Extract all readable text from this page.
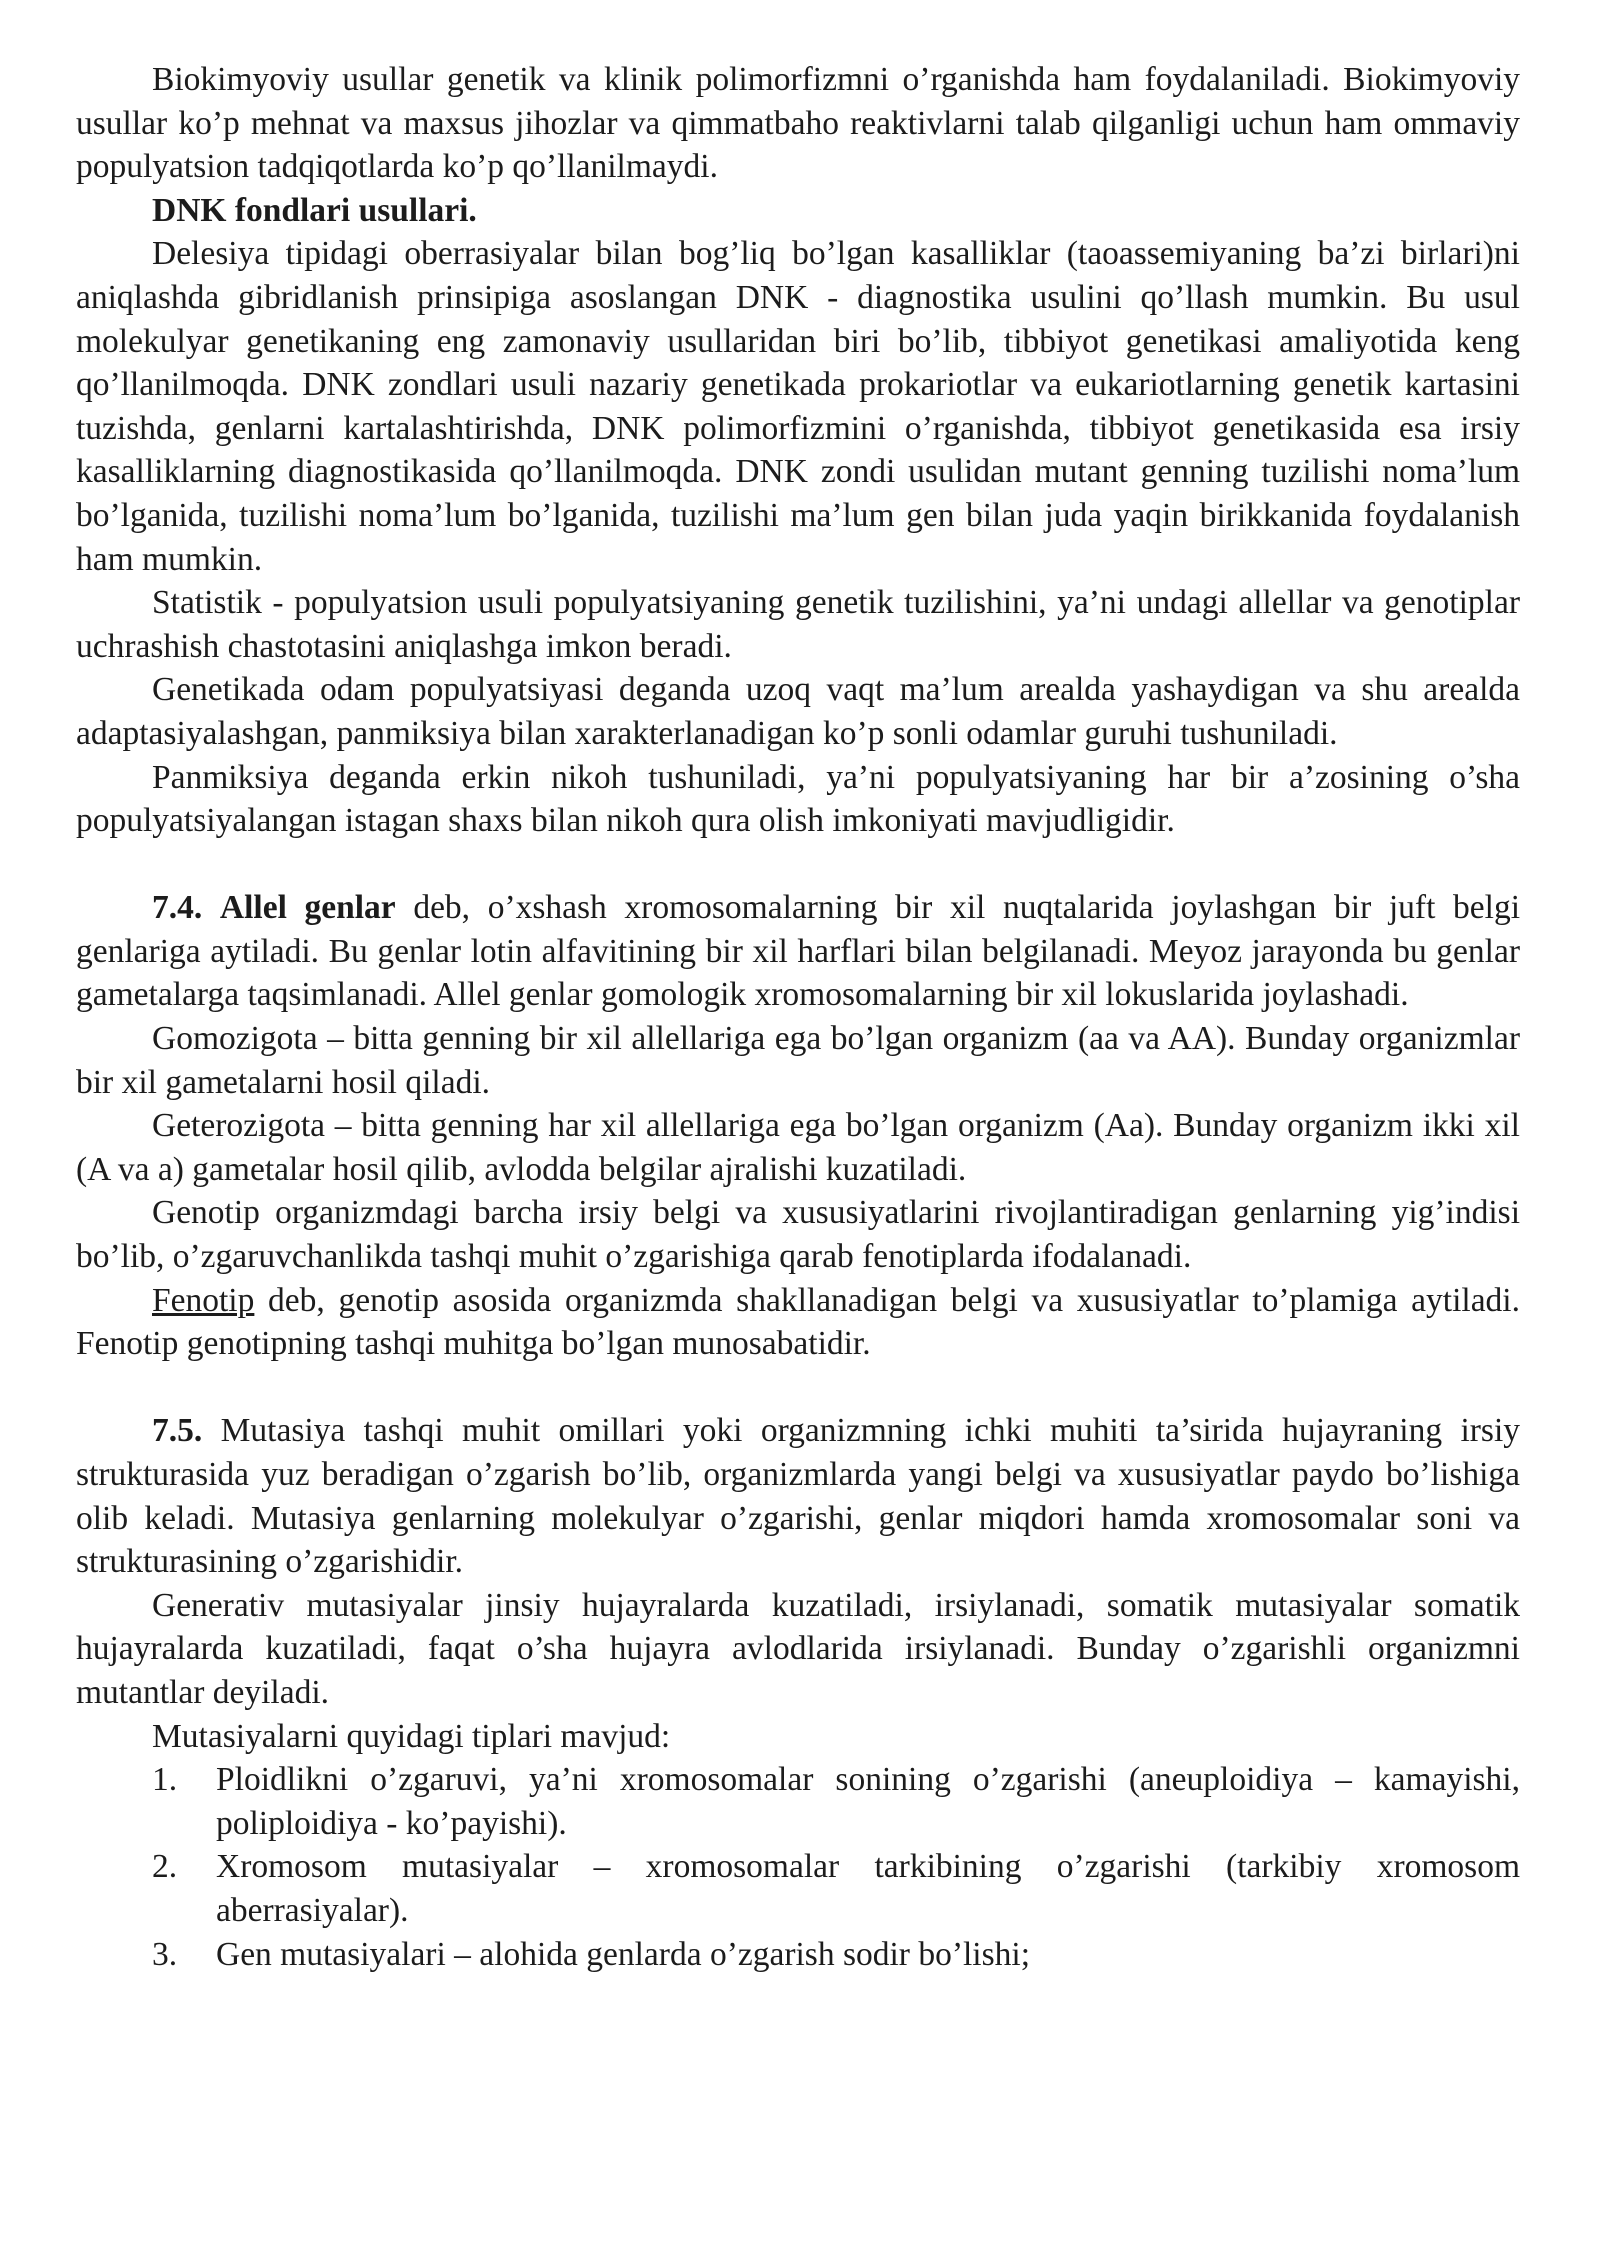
Biokimyoviy usullar genetik va klinik polimorfizmni o’rganishda ham foydalaniladi. Biokimyoviy usullar ko’p mehnat va maxsus jihozlar va qimmatbaho reaktivlarni talab qilganligi uchun ham ommaviy populyatsion tadqiqotlarda ko’p qo’llanilmaydi.

DNK fondlari usullari.

Delesiya tipidagi oberrasiyalar bilan bog’liq bo’lgan kasalliklar (taoassemiyaning ba’zi birlari)ni aniqlashda gibridlanish prinsipiga asoslangan DNK - diagnostika usulini qo’llash mumkin. Bu usul molekulyar genetikaning eng zamonaviy usullaridan biri bo’lib, tibbiyot genetikasi amaliyotida keng qo’llanilmoqda. DNK zondlari usuli nazariy genetikada prokariotlar va eukariotlarning genetik kartasini tuzishda, genlarni kartalashtirishda, DNK polimorfizmini o’rganishda, tibbiyot genetikasida esa irsiy kasalliklarning diagnostikasida qo’llanilmoqda. DNK zondi usulidan mutant genning tuzilishi noma’lum bo’lganida, tuzilishi noma’lum bo’lganida, tuzilishi ma’lum gen bilan juda yaqin birikkanida foydalanish ham mumkin.

Statistik - populyatsion usuli populyatsiyaning genetik tuzilishini, ya’ni undagi allellar va genotiplar uchrashish chastotasini aniqlashga imkon beradi.

Genetikada odam populyatsiyasi deganda uzoq vaqt ma’lum arealda yashaydigan va shu arealda adaptasiyalashgan, panmiksiya bilan xarakterlanadigan ko’p sonli odamlar guruhi tushuniladi.

Panmiksiya deganda erkin nikoh tushuniladi, ya’ni populyatsiyaning har bir a’zosining o’sha populyatsiyalangan istagan shaxs bilan nikoh qura olish imkoniyati mavjudligidir.

7.4. Allel genlar deb, o’xshash xromosomalarning bir xil nuqtalarida joylashgan bir juft belgi genlariga aytiladi. Bu genlar lotin alfavitining bir xil harflari bilan belgilanadi. Meyoz jarayonda bu genlar gametalarga taqsimlanadi. Allel genlar gomologik xromosomalarning bir xil lokuslarida joylashadi.

Gomozigota – bitta genning bir xil allellariga ega bo’lgan organizm (aa va AA). Bunday organizmlar bir xil gametalarni hosil qiladi.

Geterozigota – bitta genning har xil allellariga ega bo’lgan organizm (Aa). Bunday organizm ikki xil (A va a) gametalar hosil qilib, avlodda belgilar ajralishi kuzatiladi.

Genotip organizmdagi barcha irsiy belgi va xususiyatlarini rivojlantiradigan genlarning yig’indisi bo’lib, o’zgaruvchanlikda tashqi muhit o’zgarishiga qarab fenotiplarda ifodalanadi.

Fenotip deb, genotip asosida organizmda shakllanadigan belgi va xususiyatlar to’plamiga aytiladi. Fenotip genotipning tashqi muhitga bo’lgan munosabatidir.

7.5. Mutasiya tashqi muhit omillari yoki organizmning ichki muhiti ta’sirida hujayraning irsiy strukturasida yuz beradigan o’zgarish bo’lib, organizmlarda yangi belgi va xususiyatlar paydo bo’lishiga olib keladi. Mutasiya genlarning molekulyar o’zgarishi, genlar miqdori hamda xromosomalar soni va strukturasining o’zgarishidir.

Generativ mutasiyalar jinsiy hujayralarda kuzatiladi, irsiylanadi, somatik mutasiyalar somatik hujayralarda kuzatiladi, faqat o’sha hujayra avlodlarida irsiylanadi. Bunday o’zgarishli organizmni mutantlar deyiladi.

Mutasiyalarni quyidagi tiplari mavjud:

1.	Ploidlikni o’zgaruvi, ya’ni xromosomalar sonining o’zgarishi (aneuploidiya – kamayishi, poliploidiya - ko’payishi).
2.	Xromosom mutasiyalar – xromosomalar tarkibining o’zgarishi (tarkibiy xromosom aberrasiyalar).
3.	Gen mutasiyalari – alohida genlarda o’zgarish sodir bo’lishi;
